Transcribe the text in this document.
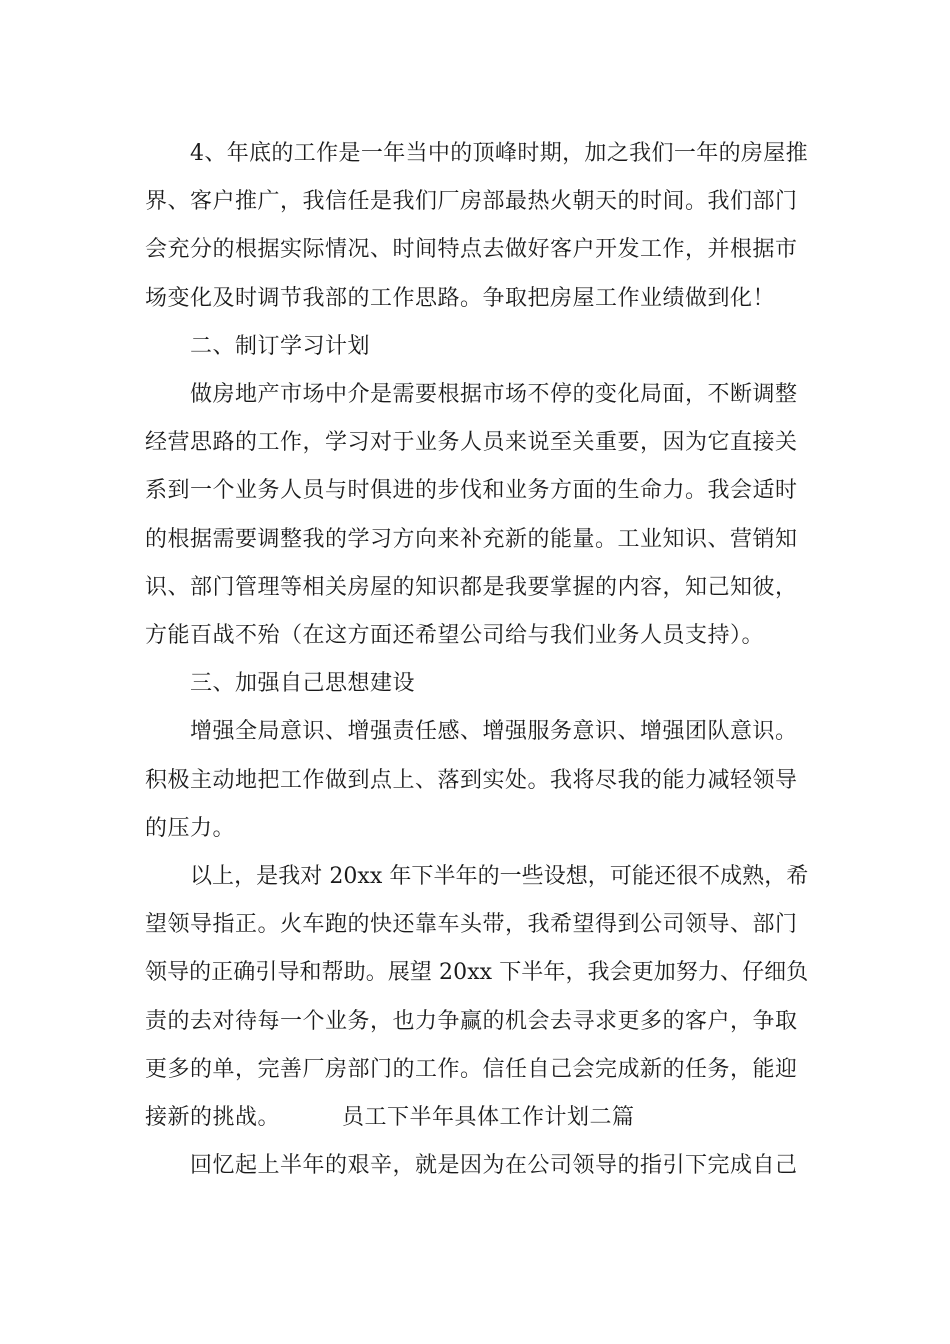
4、年底的工作是一年当中的顶峰时期，加之我们一年的房屋推

界、客户推广，我信任是我们厂房部最热火朝天的时间。我们部门

会充分的根据实际情况、时间特点去做好客户开发工作，并根据市

场变化及时调节我部的工作思路。争取把房屋工作业绩做到化！

二、制订学习计划

做房地产市场中介是需要根据市场不停的变化局面，不断调整

经营思路的工作，学习对于业务人员来说至关重要，因为它直接关

系到一个业务人员与时俱进的步伐和业务方面的生命力。我会适时

的根据需要调整我的学习方向来补充新的能量。工业知识、营销知

识、部门管理等相关房屋的知识都是我要掌握的内容，知己知彼，

方能百战不殆（在这方面还希望公司给与我们业务人员支持）。

三、加强自己思想建设

增强全局意识、增强责任感、增强服务意识、增强团队意识。

积极主动地把工作做到点上、落到实处。我将尽我的能力减轻领导

的压力。

以上，是我对 20xx 年下半年的一些设想，可能还很不成熟，希

望领导指正。火车跑的快还靠车头带，我希望得到公司领导、部门

领导的正确引导和帮助。展望 20xx 下半年，我会更加努力、仔细负

责的去对待每一个业务，也力争赢的机会去寻求更多的客户，争取

更多的单，完善厂房部门的工作。信任自己会完成新的任务，能迎

接新的挑战。	员工下半年具体工作计划二篇

回忆起上半年的艰辛，就是因为在公司领导的指引下完成自己
